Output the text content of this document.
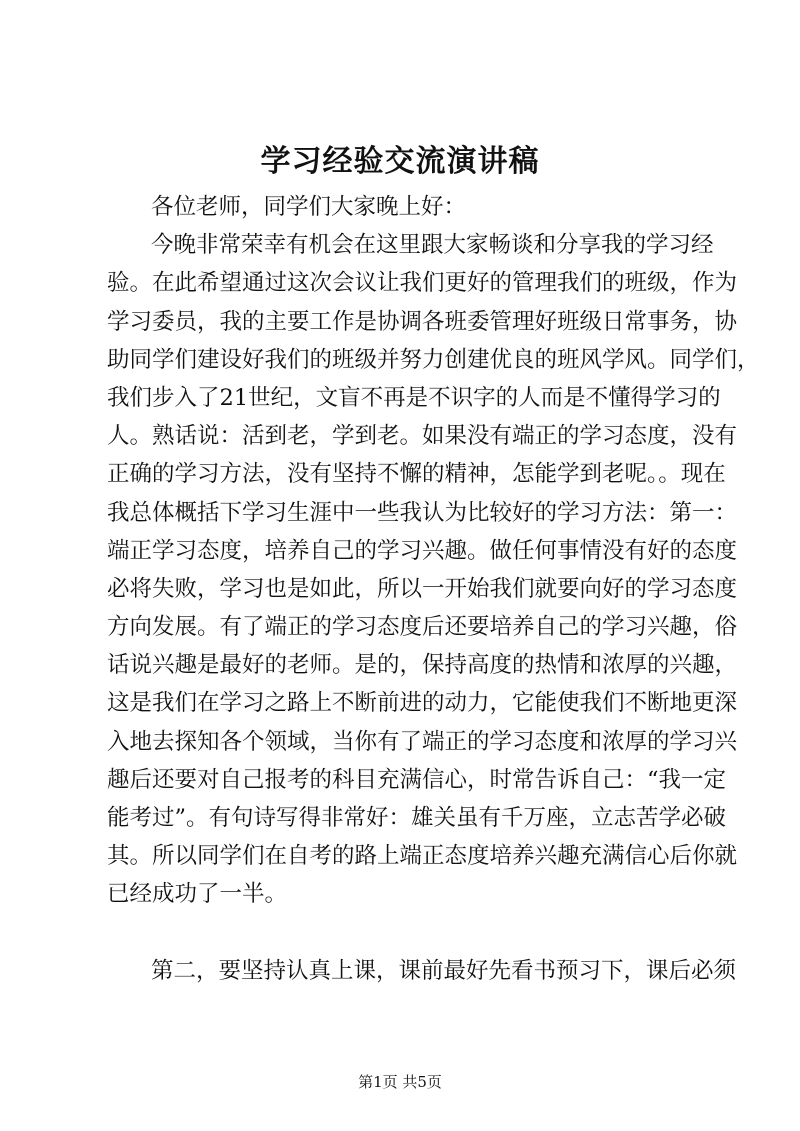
学习经验交流演讲稿
各位老师，同学们大家晚上好：
今晚非常荣幸有机会在这里跟大家畅谈和分享我的学习经
验。在此希望通过这次会议让我们更好的管理我们的班级，作为
学习委员，我的主要工作是协调各班委管理好班级日常事务，协
助同学们建设好我们的班级并努力创建优良的班风学风。同学们，
我们步入了21世纪，文盲不再是不识字的人而是不懂得学习的
人。熟话说：活到老，学到老。如果没有端正的学习态度，没有
正确的学习方法，没有坚持不懈的精神，怎能学到老呢。。现在
我总体概括下学习生涯中一些我认为比较好的学习方法：第一：
端正学习态度，培养自己的学习兴趣。做任何事情没有好的态度
必将失败，学习也是如此，所以一开始我们就要向好的学习态度
方向发展。有了端正的学习态度后还要培养自己的学习兴趣，俗
话说兴趣是最好的老师。是的，保持高度的热情和浓厚的兴趣，
这是我们在学习之路上不断前进的动力，它能使我们不断地更深
入地去探知各个领域，当你有了端正的学习态度和浓厚的学习兴
趣后还要对自己报考的科目充满信心，时常告诉自己：“我一定
能考过”。有句诗写得非常好：雄关虽有千万座，立志苦学必破
其。所以同学们在自考的路上端正态度培养兴趣充满信心后你就
已经成功了一半。
第二，要坚持认真上课，课前最好先看书预习下，课后必须
第1页 共5页
